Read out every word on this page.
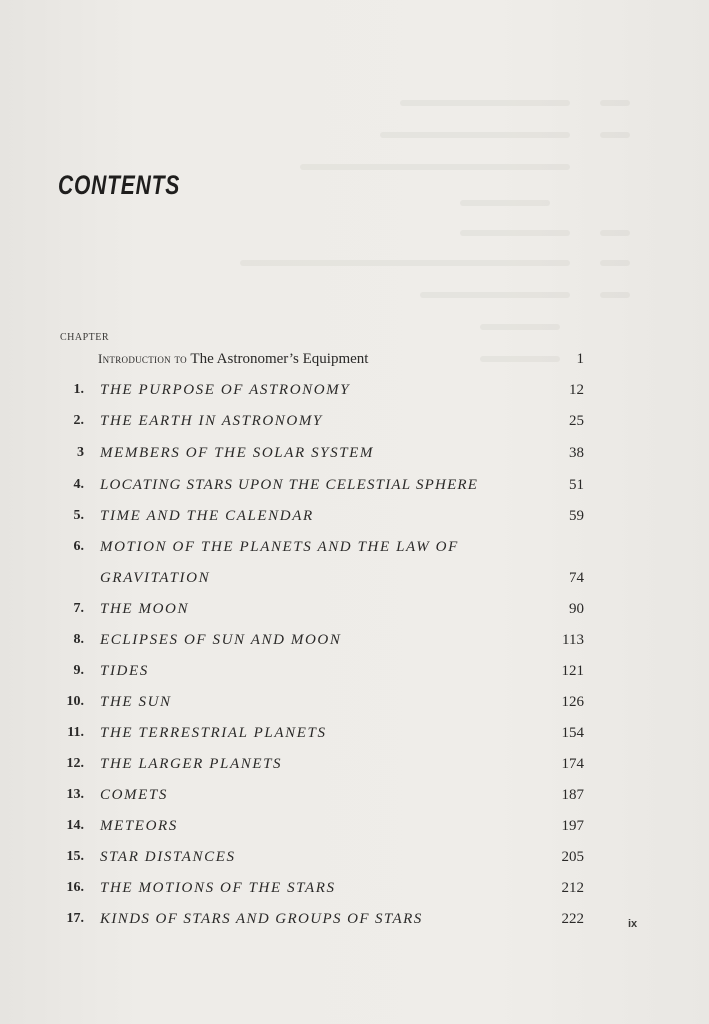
CONTENTS
CHAPTER
Introduction to The Astronomer’s Equipment	1
1. THE PURPOSE OF ASTRONOMY	12
2. THE EARTH IN ASTRONOMY	25
3 MEMBERS OF THE SOLAR SYSTEM	38
4. LOCATING STARS UPON THE CELESTIAL SPHERE	51
5. TIME AND THE CALENDAR	59
6. MOTION OF THE PLANETS AND THE LAW OF
GRAVITATION	74
7. THE MOON	90
8. ECLIPSES OF SUN AND MOON	113
9. TIDES	121
10. THE SUN	126
11. THE TERRESTRIAL PLANETS	154
12. THE LARGER PLANETS	174
13. COMETS	187
14. METEORS	197
15. STAR DISTANCES	205
16. THE MOTIONS OF THE STARS	212
17. KINDS OF STARS AND GROUPS OF STARS	222	ix
